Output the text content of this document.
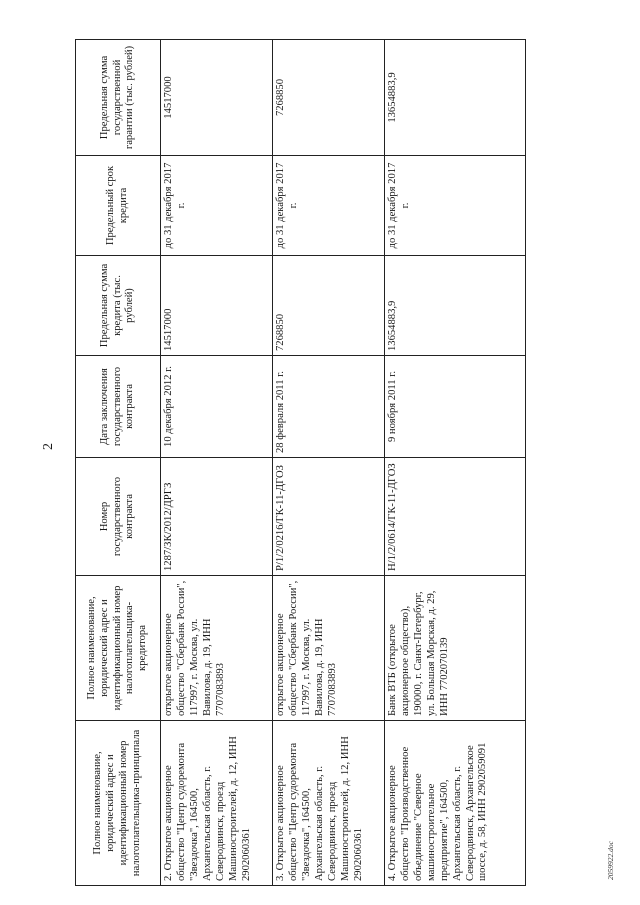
2
Полное наименование, юридический адрес и идентификационный номер налогоплательщика-принципала	Полное наименование, юридический адрес и идентификационный номер налогоплательщика-кредитора	Номер государственного контракта	Дата заключения государственного контракта	Предельная сумма кредита (тыс. рублей)	Предельный срок кредита	Предельная сумма государственной гарантии (тыс. рублей)
2. Открытое акционерное общество "Центр судоремонта "Звездочка", 164500, Архангельская область, г. Северодвинск, проезд Машиностроителей, д. 12, ИНН 2902060361	открытое акционерное общество "Сбербанк России", 117997, г. Москва, ул. Вавилова, д. 19, ИНН 7707083893	1287/ЗК/2012/ДРГЗ	10 декабря 2012 г.	14517000	до 31 декабря 2017 г.	14517000
3. Открытое акционерное общество "Центр судоремонта "Звездочка", 164500, Архангельская область, г. Северодвинск, проезд Машиностроителей, д. 12, ИНН 2902060361	открытое акционерное общество "Сбербанк России", 117997, г. Москва, ул. Вавилова, д. 19, ИНН 7707083893	Р/1/2/0216/ГК-11-ДГОЗ	28 февраля 2011 г.	7268850	до 31 декабря 2017 г.	7268850
4. Открытое акционерное общество "Производственное объединение "Северное машиностроительное предприятие", 164500, Архангельская область, г. Северодвинск, Архангельское шоссе, д. 58, ИНН 2902059091	Банк ВТБ (открытое акционерное общество), 190000, г. Санкт-Петербург, ул. Большая Морская, д. 29, ИНН 7702070139	Н/1/2/0614/ГК-11-ДГОЗ	9 ноября 2011 г.	13654883,9	до 31 декабря 2017 г.	13654883,9
2059922.doc
